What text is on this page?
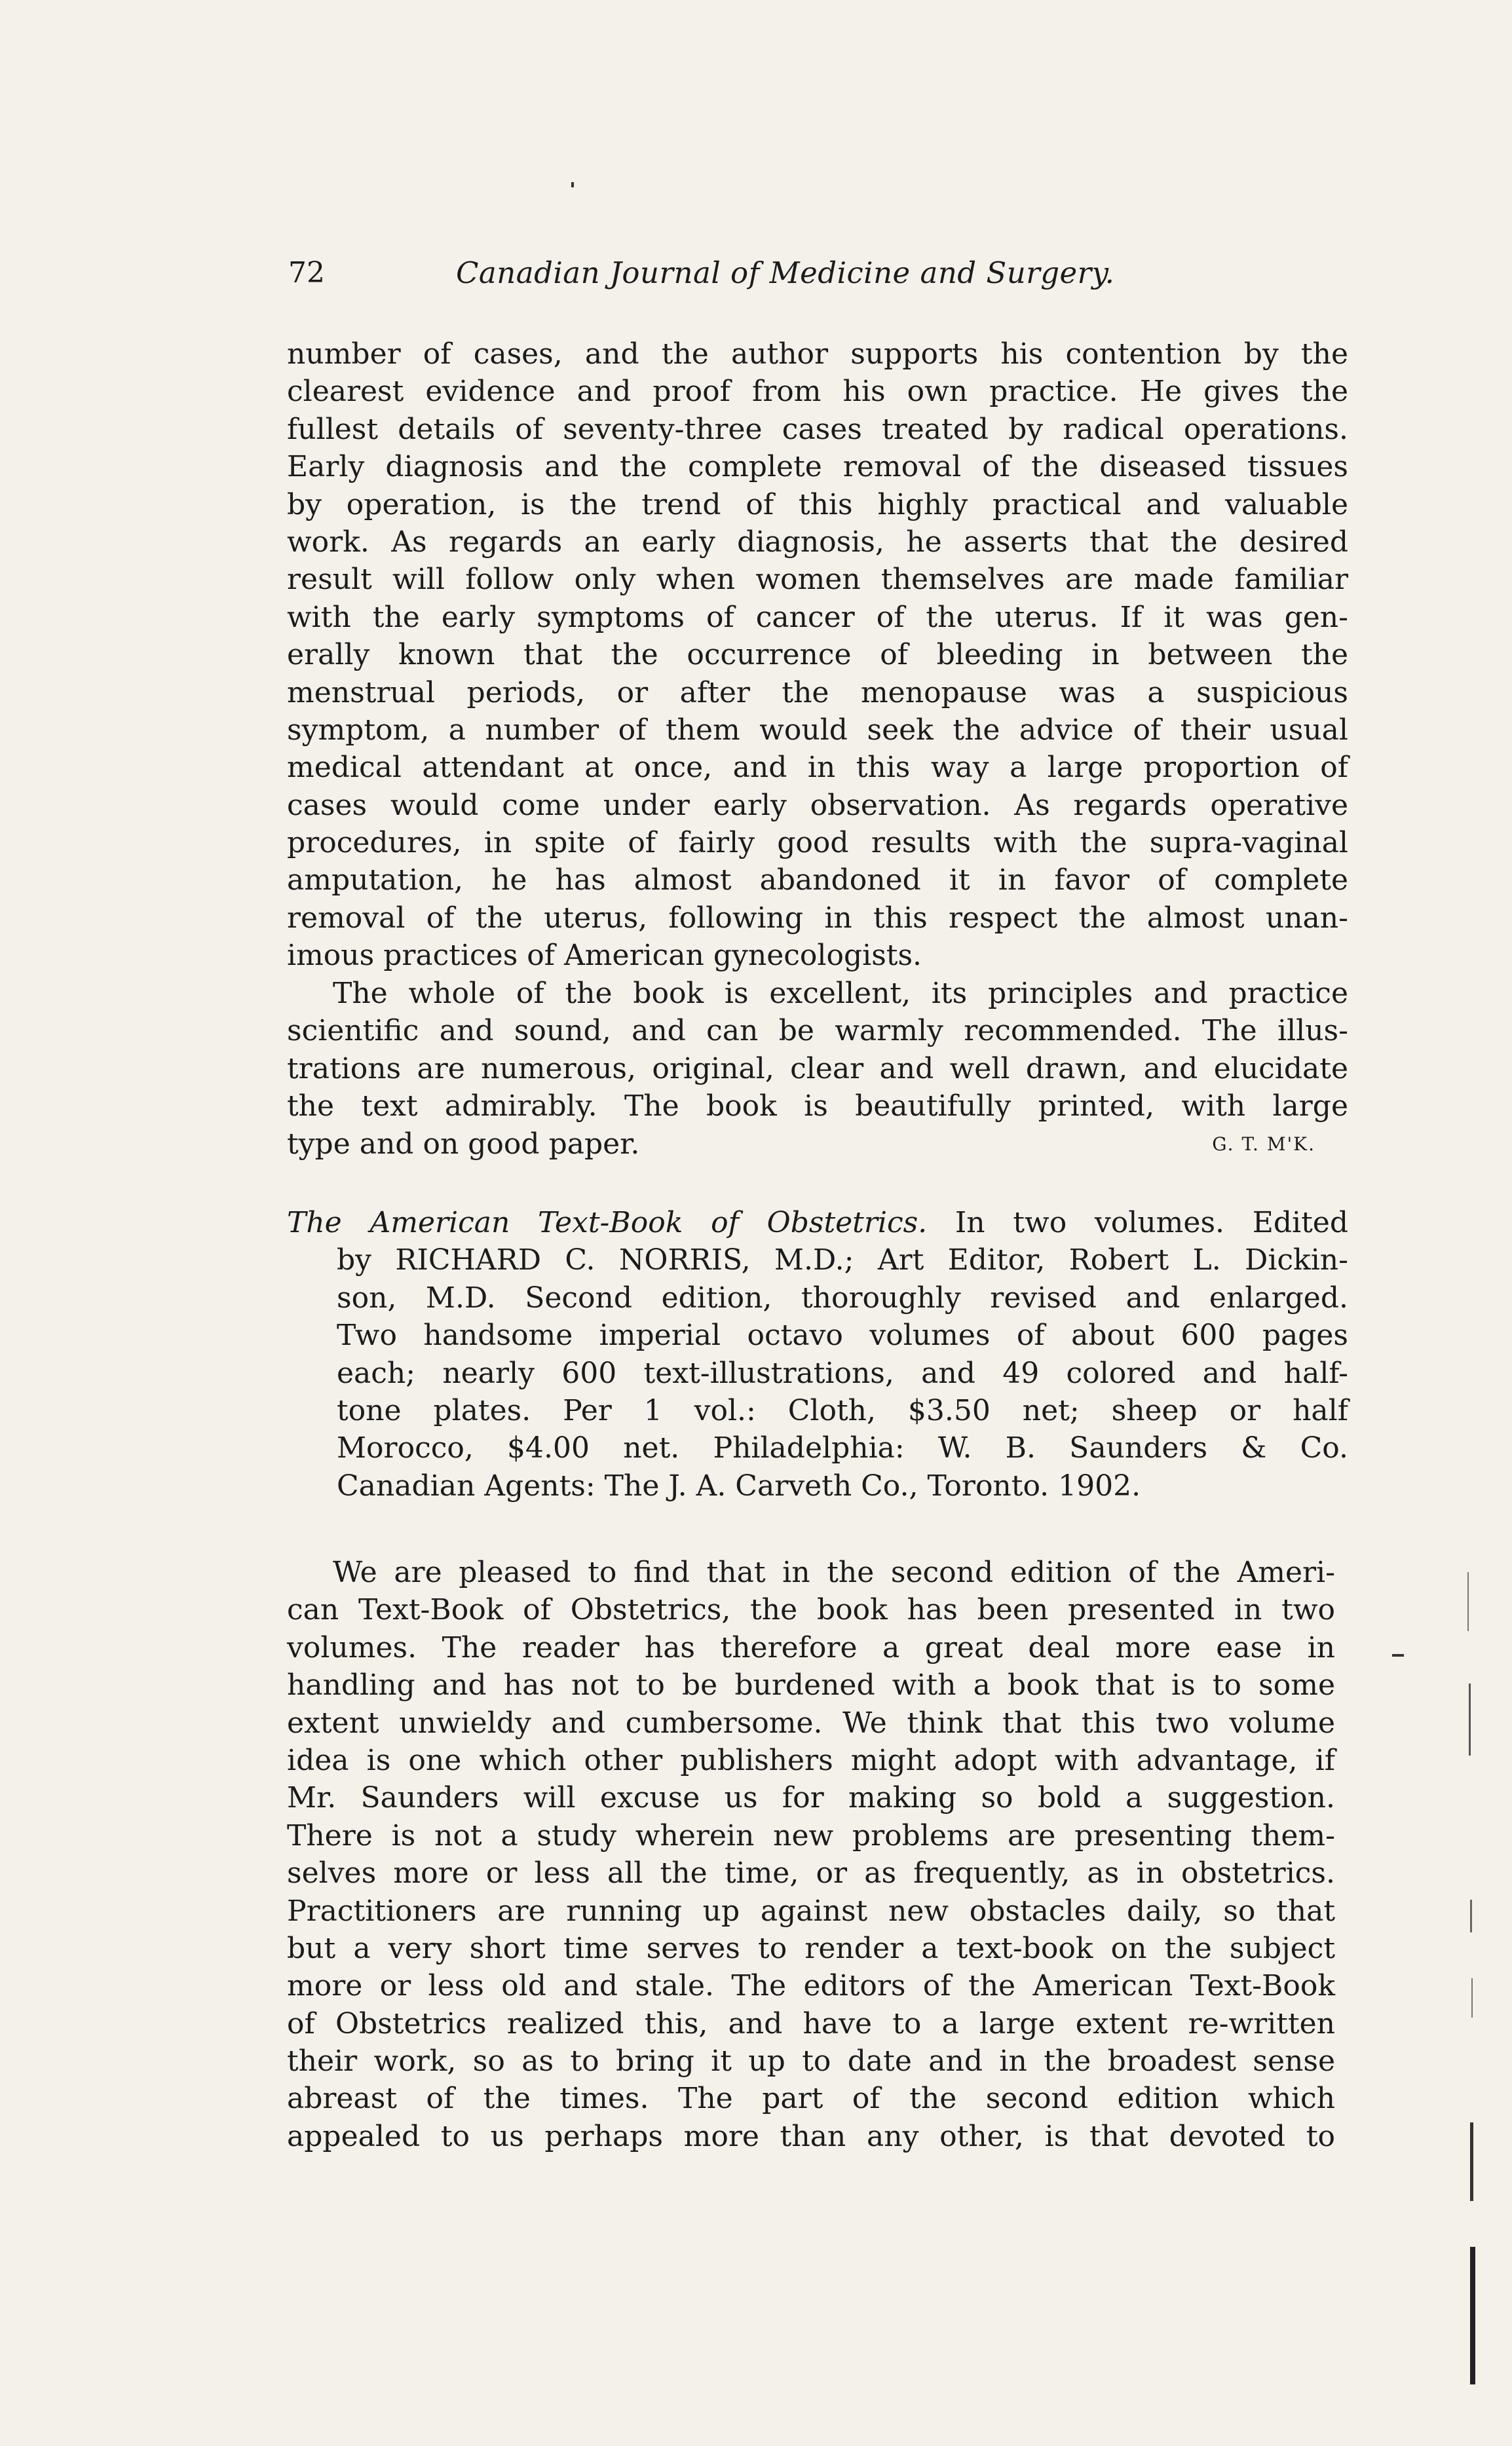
72	Canadian Journal of Medicine and Surgery.
number of cases, and the author supports his contention by the
clearest evidence and proof from his own practice. He gives the
fullest details of seventy-three cases treated by radical operations.
Early diagnosis and the complete removal of the diseased tissues
by operation, is the trend of this highly practical and valuable
work. As regards an early diagnosis, he asserts that the desired
result will follow only when women themselves are made familiar
with the early symptoms of cancer of the uterus. If it was gen-
erally known that the occurrence of bleeding in between the
menstrual periods, or after the menopause was a suspicious
symptom, a number of them would seek the advice of their usual
medical attendant at once, and in this way a large proportion of
cases would come under early observation. As regards operative
procedures, in spite of fairly good results with the supra-vaginal
amputation, he has almost abandoned it in favor of complete
removal of the uterus, following in this respect the almost unan-
imous practices of American gynecologists.
The whole of the book is excellent, its principles and practice
scientific and sound, and can be warmly recommended. The illus-
trations are numerous, original, clear and well drawn, and elucidate
the text admirably. The book is beautifully printed, with large
type and on good paper.	G. T. M'K.
The American Text-Book of Obstetrics. In two volumes. Edited
by RICHARD C. NORRIS, M.D.; Art Editor, Robert L. Dickin-
son, M.D. Second edition, thoroughly revised and enlarged.
Two handsome imperial octavo volumes of about 600 pages
each; nearly 600 text-illustrations, and 49 colored and half-
tone plates. Per 1 vol.: Cloth, $3.50 net; sheep or half
Morocco, $4.00 net. Philadelphia: W. B. Saunders & Co.
Canadian Agents: The J. A. Carveth Co., Toronto. 1902.
We are pleased to find that in the second edition of the Ameri-
can Text-Book of Obstetrics, the book has been presented in two
volumes. The reader has therefore a great deal more ease in
handling and has not to be burdened with a book that is to some
extent unwieldy and cumbersome. We think that this two volume
idea is one which other publishers might adopt with advantage, if
Mr. Saunders will excuse us for making so bold a suggestion.
There is not a study wherein new problems are presenting them-
selves more or less all the time, or as frequently, as in obstetrics.
Practitioners are running up against new obstacles daily, so that
but a very short time serves to render a text-book on the subject
more or less old and stale. The editors of the American Text-Book
of Obstetrics realized this, and have to a large extent re-written
their work, so as to bring it up to date and in the broadest sense
abreast of the times. The part of the second edition which
appealed to us perhaps more than any other, is that devoted to
